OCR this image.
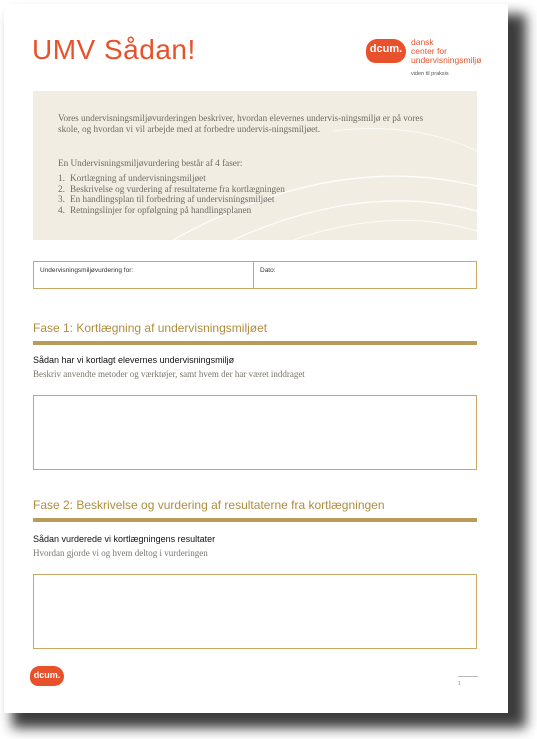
UMV Sådan!	dcum.
dansk
center for
undervisningsmiljø
viden til praksis
Vores undervisningsmiljøvurderingen beskriver, hvordan elevernes undervis-ningsmiljø er på vores skole, og hvordan vi vil arbejde med at forbedre undervis-ningsmiljøet.
En Undervisningsmiljøvurdering består af 4 faser:
1. Kortlægning af undervisningsmiljøet
2. Beskrivelse og vurdering af resultaterne fra kortlægningen
3. En handlingsplan til forbedring af undervisningsmiljøet
4. Retningslinjer for opfølgning på handlingsplanen
Undervisningsmiljøvurdering for:	Dato:
Fase 1: Kortlægning af undervisningsmiljøet
Sådan har vi kortlagt elevernes undervisningsmiljø
Beskriv anvendte metoder og værktøjer, samt hvem der har været inddraget
Fase 2: Beskrivelse og vurdering af resultaterne fra kortlægningen
Sådan vurderede vi kortlægningens resultater
Hvordan gjorde vi og hvem deltog i vurderingen
dcum.
1
